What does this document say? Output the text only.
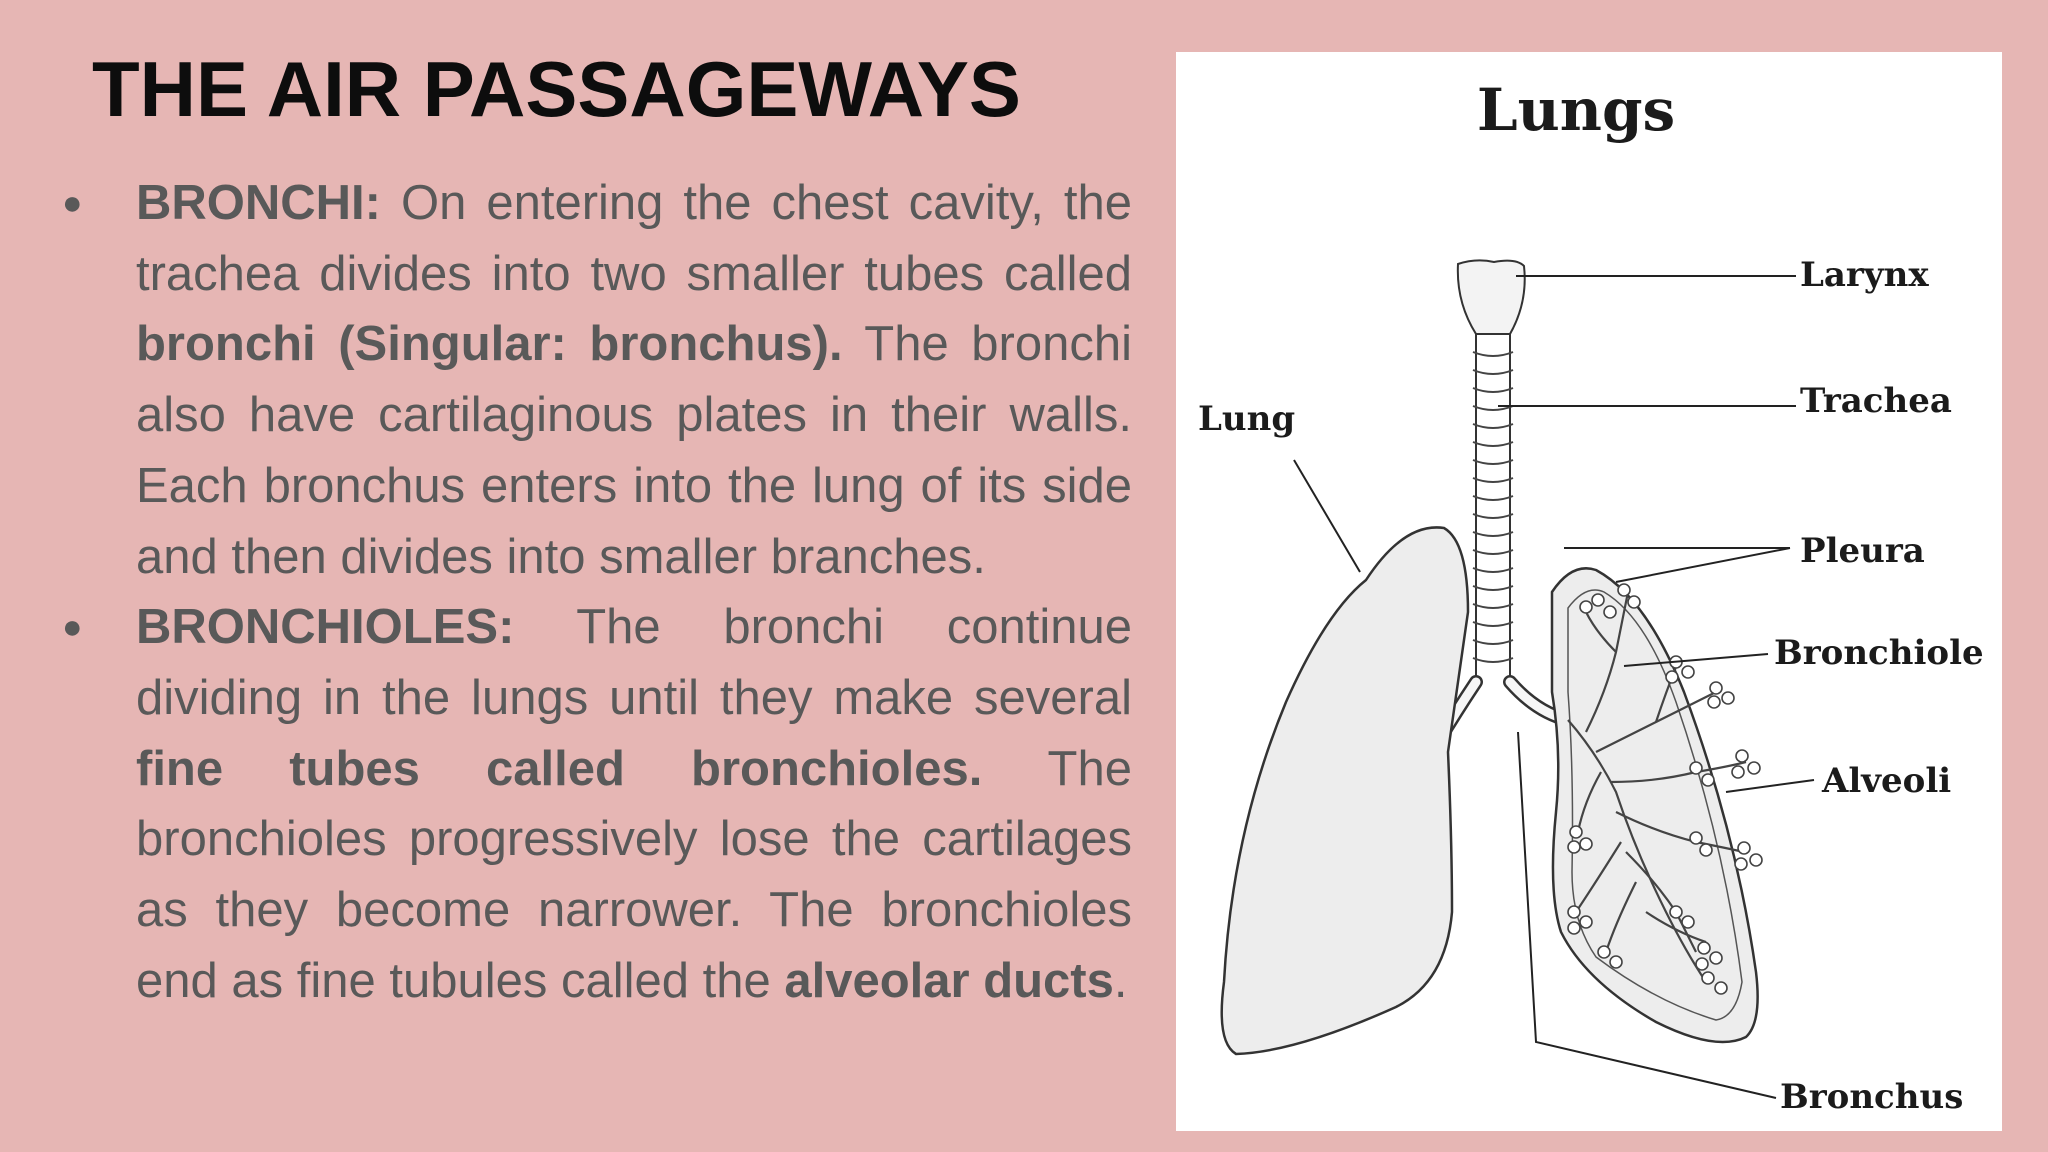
THE AIR PASSAGEWAYS
● BRONCHI: On entering the chest cavity, the trachea divides into two smaller tubes called bronchi (Singular: bronchus). The bronchi also have cartilaginous plates in their walls. Each bronchus enters into the lung of its side and then divides into smaller branches.
● BRONCHIOLES: The bronchi continue dividing in the lungs until they make several fine tubes called bronchioles. The bronchioles progressively lose the cartilages as they become narrower. The bronchioles end as fine tubules called the alveolar ducts.
Lungs
Lung
Larynx
Trachea
Pleura
Bronchiole
Alveoli
Bronchus
